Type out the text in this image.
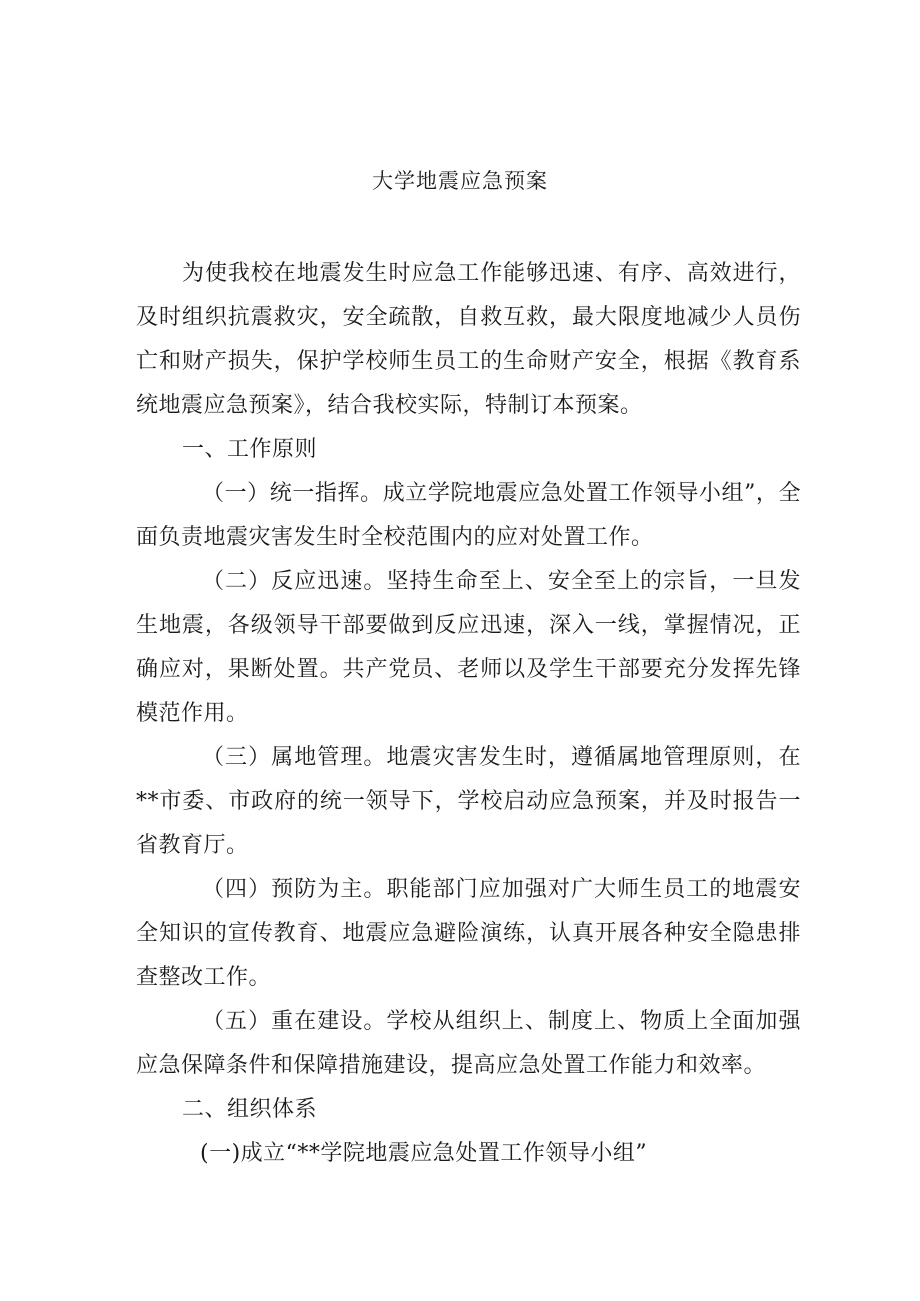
大学地震应急预案

为使我校在地震发生时应急工作能够迅速、有序、高效进行，及时组织抗震救灾，安全疏散，自救互救，最大限度地减少人员伤亡和财产损失，保护学校师生员工的生命财产安全，根据《教育系统地震应急预案》，结合我校实际，特制订本预案。

一、工作原则

（一）统一指挥。成立学院地震应急处置工作领导小组”，全面负责地震灾害发生时全校范围内的应对处置工作。

（二）反应迅速。坚持生命至上、安全至上的宗旨，一旦发生地震，各级领导干部要做到反应迅速，深入一线，掌握情况，正确应对，果断处置。共产党员、老师以及学生干部要充分发挥先锋模范作用。

（三）属地管理。地震灾害发生时，遵循属地管理原则，在**市委、市政府的统一领导下，学校启动应急预案，并及时报告一省教育厅。

（四）预防为主。职能部门应加强对广大师生员工的地震安全知识的宣传教育、地震应急避险演练，认真开展各种安全隐患排查整改工作。

（五）重在建设。学校从组织上、制度上、物质上全面加强应急保障条件和保障措施建设，提高应急处置工作能力和效率。

二、组织体系

(一)成立“**学院地震应急处置工作领导小组”
